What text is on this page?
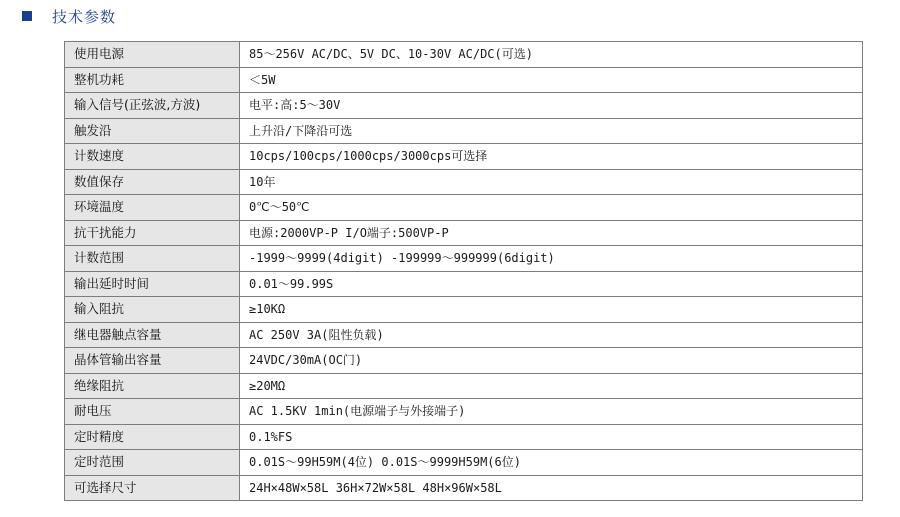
技术参数
使用电源	85～256V AC/DC、5V DC、10-30V AC/DC(可选)
整机功耗	＜5W
输入信号(正弦波,方波)	电平:高:5～30V
触发沿	上升沿/下降沿可选
计数速度	10cps/100cps/1000cps/3000cps可选择
数值保存	10年
环境温度	0℃～50℃
抗干扰能力	电源:2000VP-P I/O端子:500VP-P
计数范围	-1999～9999(4digit) -199999～999999(6digit)
输出延时时间	0.01～99.99S
输入阻抗	≥10KΩ
继电器触点容量	AC 250V 3A(阻性负载)
晶体管输出容量	24VDC/30mA(OC门)
绝缘阻抗	≥20MΩ
耐电压	AC 1.5KV 1min(电源端子与外接端子)
定时精度	0.1%FS
定时范围	0.01S～99H59M(4位) 0.01S～9999H59M(6位)
可选择尺寸	24H×48W×58L 36H×72W×58L 48H×96W×58L
